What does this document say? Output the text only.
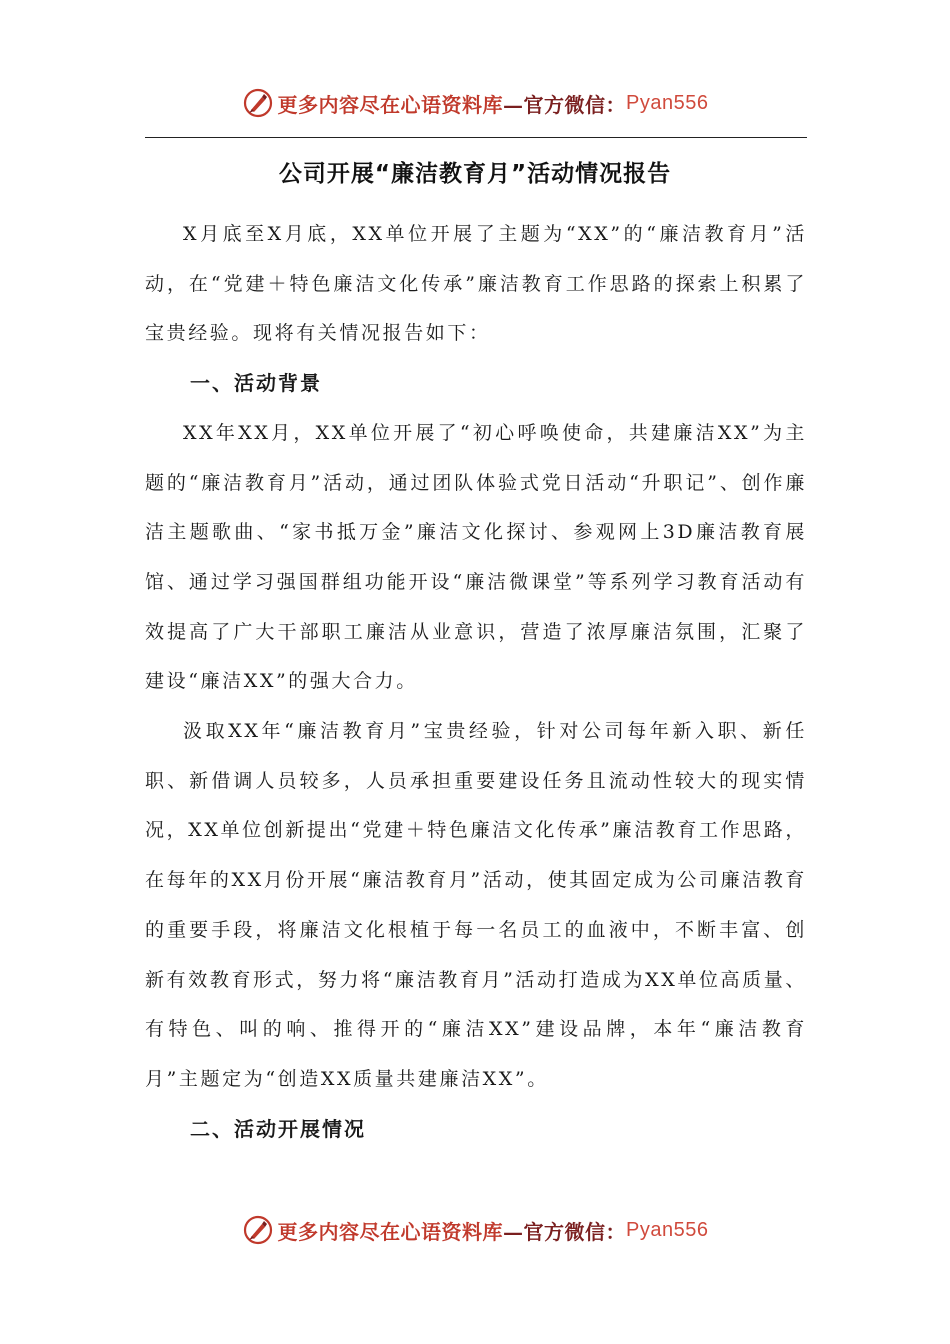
更多内容尽在心语资料库 —官方微信： Pyan556
公司开展“廉洁教育月”活动情况报告

X月底至X月底，XX单位开展了主题为“XX”的“廉洁教育月”活动，在“党建＋特色廉洁文化传承”廉洁教育工作思路的探索上积累了宝贵经验。现将有关情况报告如下：

一、活动背景

XX年XX月，XX单位开展了“初心呼唤使命，共建廉洁XX”为主题的“廉洁教育月”活动，通过团队体验式党日活动“升职记”、创作廉洁主题歌曲、“家书抵万金”廉洁文化探讨、参观网上3D廉洁教育展馆、通过学习强国群组功能开设“廉洁微课堂”等系列学习教育活动有效提高了广大干部职工廉洁从业意识，营造了浓厚廉洁氛围，汇聚了建设“廉洁XX”的强大合力。

汲取XX年“廉洁教育月”宝贵经验，针对公司每年新入职、新任职、新借调人员较多，人员承担重要建设任务且流动性较大的现实情况，XX单位创新提出“党建＋特色廉洁文化传承”廉洁教育工作思路，在每年的XX月份开展“廉洁教育月”活动，使其固定成为公司廉洁教育的重要手段，将廉洁文化根植于每一名员工的血液中，不断丰富、创新有效教育形式，努力将“廉洁教育月”活动打造成为XX单位高质量、有特色、叫的响、推得开的“廉洁XX”建设品牌，本年“廉洁教育月”主题定为“创造XX质量共建廉洁XX”。

二、活动开展情况
更多内容尽在心语资料库 —官方微信： Pyan556
